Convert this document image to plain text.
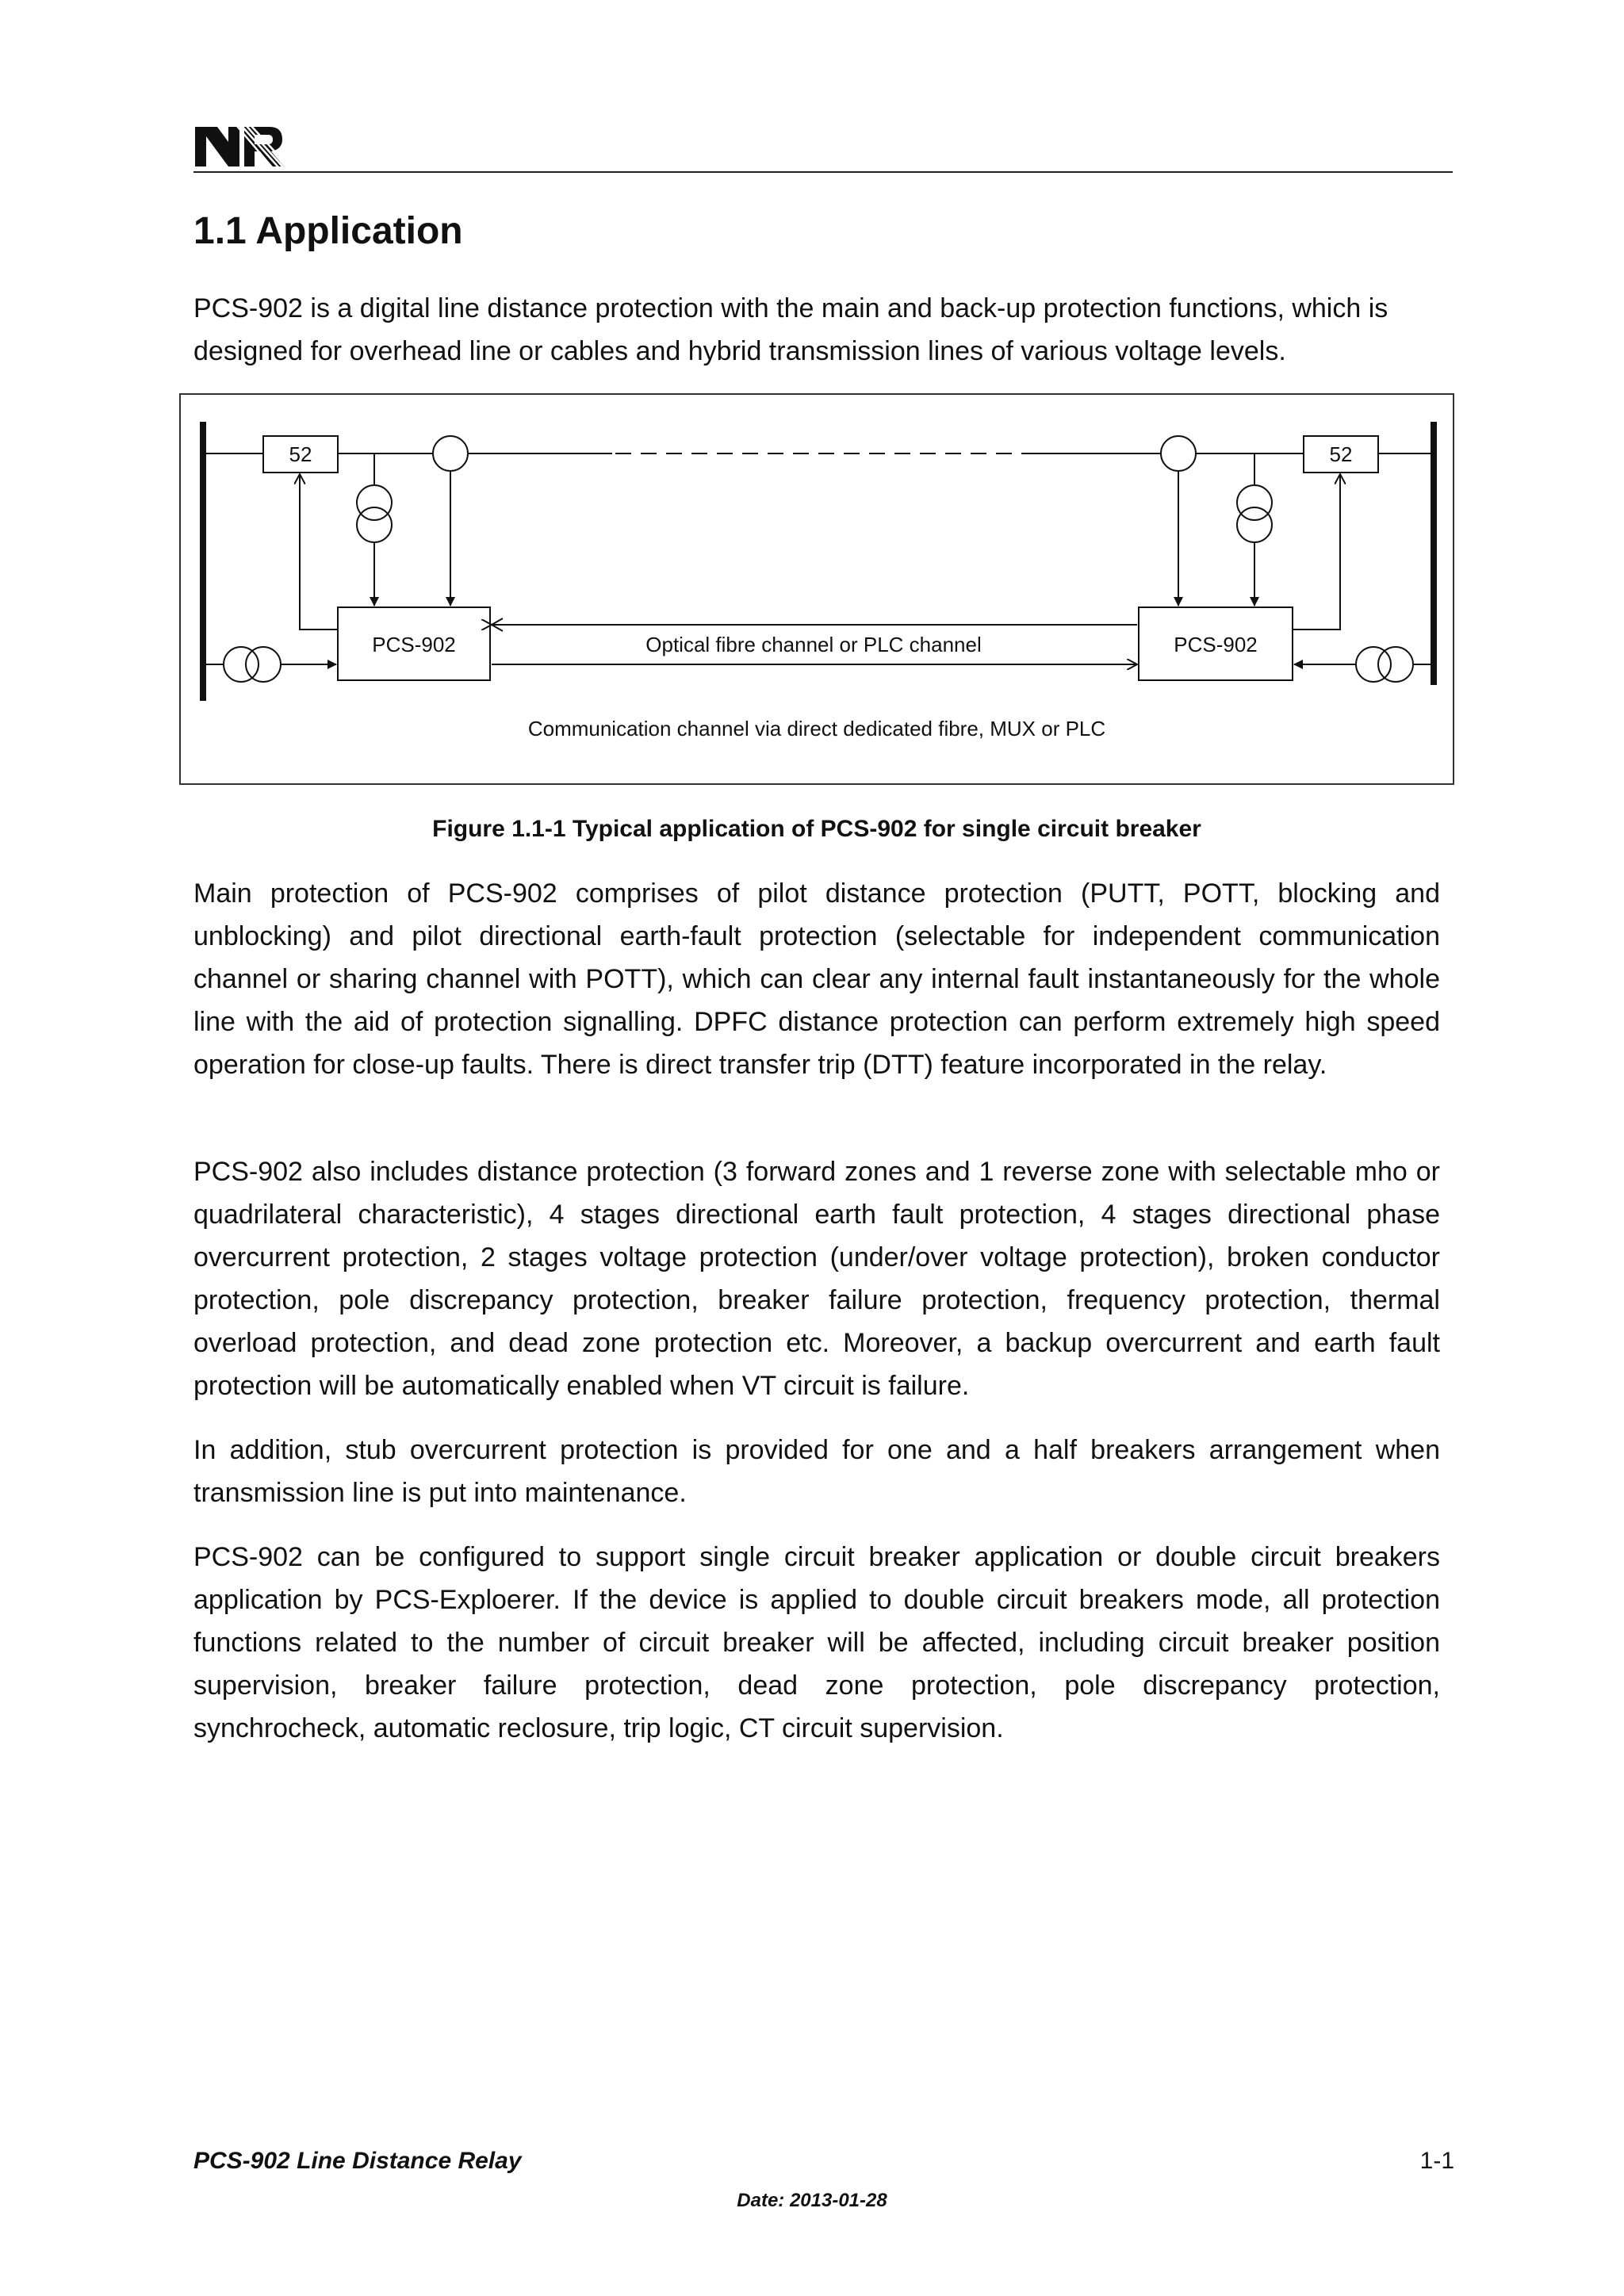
1.1 Application

PCS-902 is a digital line distance protection with the main and back-up protection functions, which is designed for overhead line or cables and hybrid transmission lines of various voltage levels.

52	52
PCS-902	PCS-902
Optical fibre channel or PLC channel
Communication channel via direct dedicated fibre, MUX or PLC
Figure 1.1-1 Typical application of PCS-902 for single circuit breaker

Main protection of PCS-902 comprises of pilot distance protection (PUTT, POTT, blocking and unblocking) and pilot directional earth-fault protection (selectable for independent communication channel or sharing channel with POTT), which can clear any internal fault instantaneously for the whole line with the aid of protection signalling. DPFC distance protection can perform extremely high speed operation for close-up faults. There is direct transfer trip (DTT) feature incorporated in the relay.

PCS-902 also includes distance protection (3 forward zones and 1 reverse zone with selectable mho or quadrilateral characteristic), 4 stages directional earth fault protection, 4 stages directional phase overcurrent protection, 2 stages voltage protection (under/over voltage protection), broken conductor protection, pole discrepancy protection, breaker failure protection, frequency protection, thermal overload protection, and dead zone protection etc. Moreover, a backup overcurrent and earth fault protection will be automatically enabled when VT circuit is failure.

In addition, stub overcurrent protection is provided for one and a half breakers arrangement when transmission line is put into maintenance.

PCS-902 can be configured to support single circuit breaker application or double circuit breakers application by PCS-Exploerer. If the device is applied to double circuit breakers mode, all protection functions related to the number of circuit breaker will be affected, including circuit breaker position supervision, breaker failure protection, dead zone protection, pole discrepancy protection, synchrocheck, automatic reclosure, trip logic, CT circuit supervision.

PCS-902 Line Distance Relay	1-1
Date: 2013-01-28
